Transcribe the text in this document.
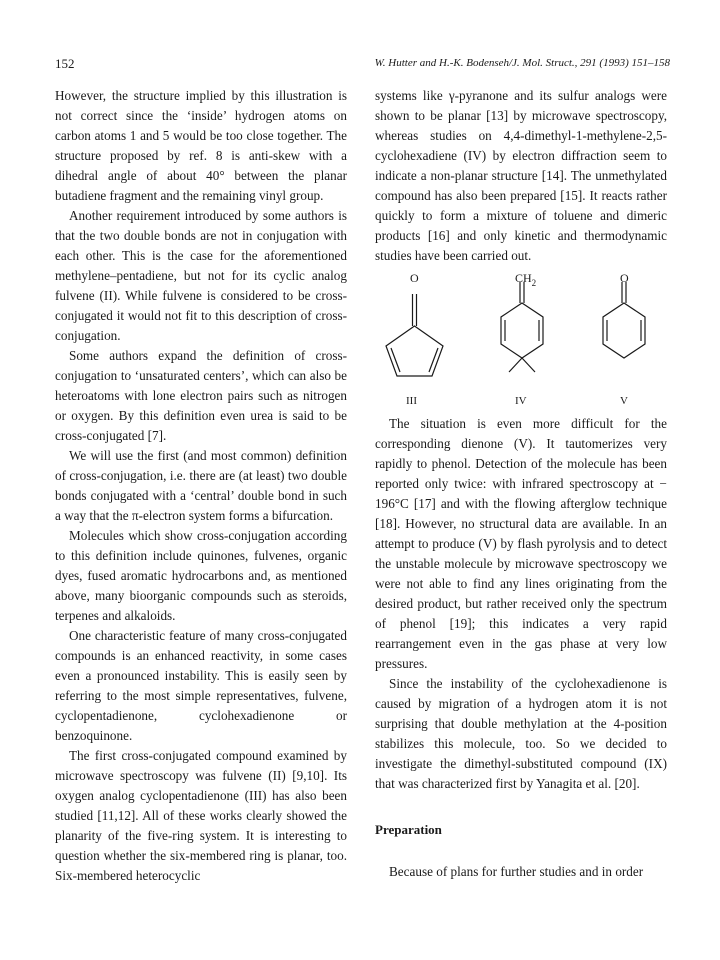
152	W. Hutter and H.-K. Bodenseh/J. Mol. Struct., 291 (1993) 151–158

However, the structure implied by this illustration is not correct since the ‘inside’ hydrogen atoms on carbon atoms 1 and 5 would be too close together. The structure proposed by ref. 8 is anti-skew with a dihedral angle of about 40° between the planar butadiene fragment and the remaining vinyl group.

Another requirement introduced by some authors is that the two double bonds are not in conjugation with each other. This is the case for the aforementioned methylene–pentadiene, but not for its cyclic analog fulvene (II). While fulvene is considered to be cross-conjugated it would not fit to this description of cross-conjugation.

Some authors expand the definition of cross-conjugation to ‘unsaturated centers’, which can also be heteroatoms with lone electron pairs such as nitrogen or oxygen. By this definition even urea is said to be cross-conjugated [7].

We will use the first (and most common) definition of cross-conjugation, i.e. there are (at least) two double bonds conjugated with a ‘central’ double bond in such a way that the π-electron system forms a bifurcation.

Molecules which show cross-conjugation according to this definition include quinones, fulvenes, organic dyes, fused aromatic hydrocarbons and, as mentioned above, many bioorganic compounds such as steroids, terpenes and alkaloids.

One characteristic feature of many cross-conjugated compounds is an enhanced reactivity, in some cases even a pronounced instability. This is easily seen by referring to the most simple representatives, fulvene, cyclopentadienone, cyclohexadienone or benzoquinone.

The first cross-conjugated compound examined by microwave spectroscopy was fulvene (II) [9,10]. Its oxygen analog cyclopentadienone (III) has also been studied [11,12]. All of these works clearly showed the planarity of the five-ring system. It is interesting to question whether the six-membered ring is planar, too. Six-membered heterocyclic

systems like γ-pyranone and its sulfur analogs were shown to be planar [13] by microwave spectroscopy, whereas studies on 4,4-dimethyl-1-methylene-2,5-cyclohexadiene (IV) by electron diffraction seem to indicate a non-planar structure [14]. The unmethylated compound has also been prepared [15]. It reacts rather quickly to form a mixture of toluene and dimeric products [16] and only kinetic and thermodynamic studies have been carried out.

O	$CH_2$	O
III	IV	V

The situation is even more difficult for the corresponding dienone (V). It tautomerizes very rapidly to phenol. Detection of the molecule has been reported only twice: with infrared spectroscopy at − 196°C [17] and with the flowing afterglow technique [18]. However, no structural data are available. In an attempt to produce (V) by flash pyrolysis and to detect the unstable molecule by microwave spectroscopy we were not able to find any lines originating from the desired product, but rather received only the spectrum of phenol [19]; this indicates a very rapid rearrangement even in the gas phase at very low pressures.

Since the instability of the cyclohexadienone is caused by migration of a hydrogen atom it is not surprising that double methylation at the 4-position stabilizes this molecule, too. So we decided to investigate the dimethyl-substituted compound (IX) that was characterized first by Yanagita et al. [20].

Preparation

Because of plans for further studies and in order
